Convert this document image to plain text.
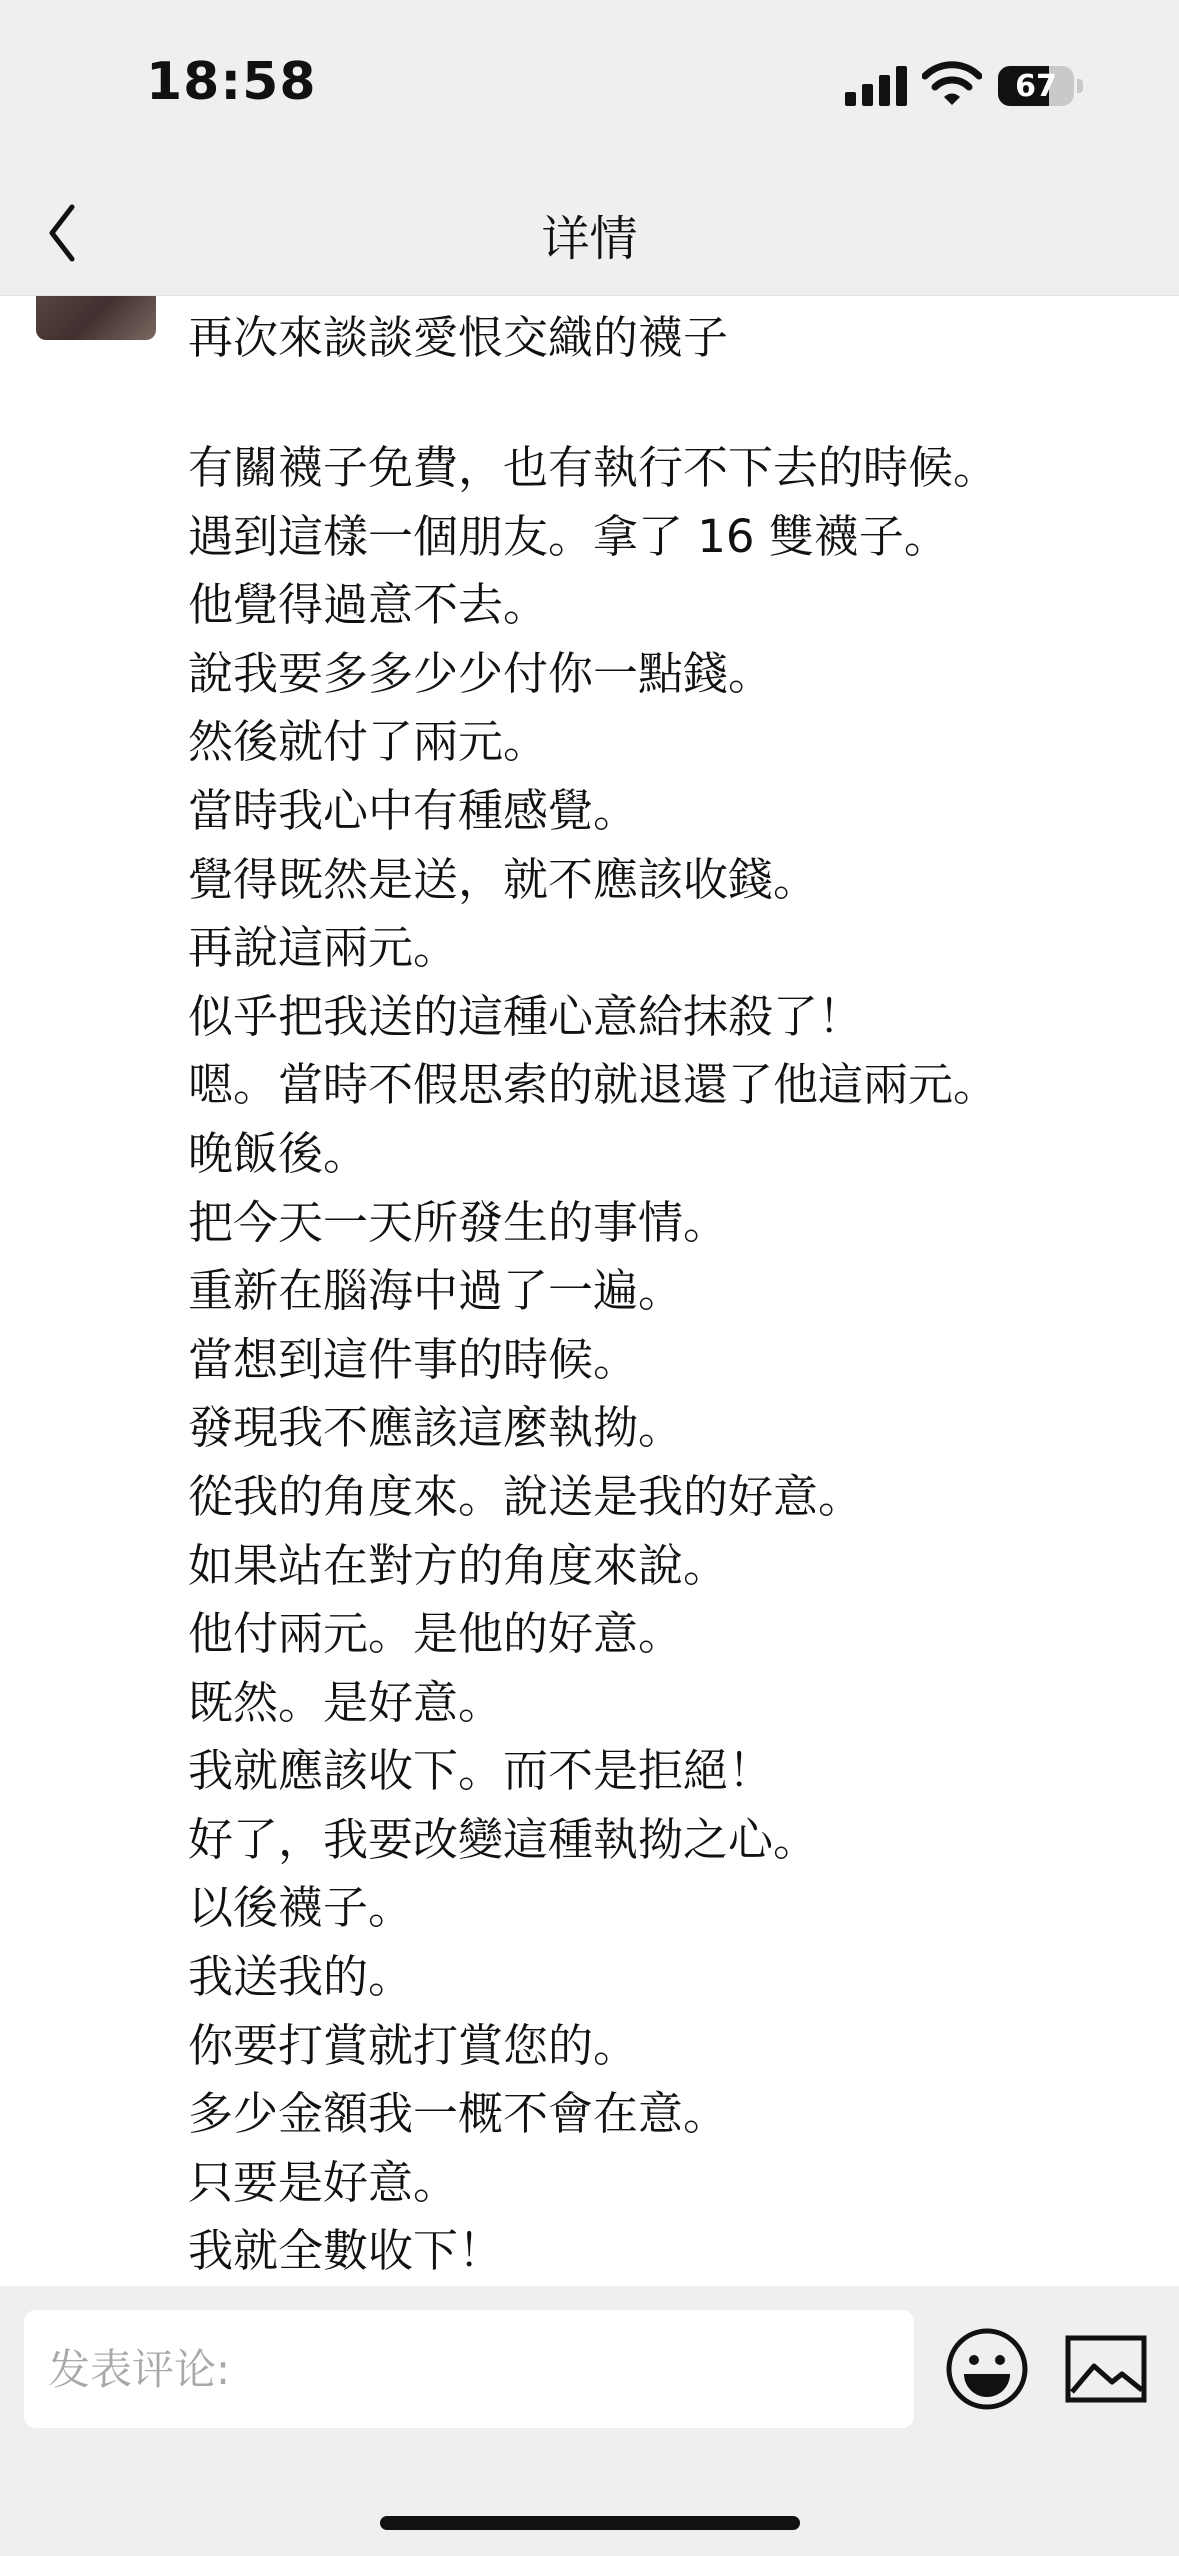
18:58	67
详情
再次來談談愛恨交織的襪子
有關襪子免費，也有執行不下去的時候。
遇到這樣一個朋友。拿了 16 雙襪子。
他覺得過意不去。
說我要多多少少付你一點錢。
然後就付了兩元。
當時我心中有種感覺。
覺得既然是送，就不應該收錢。
再說這兩元。
似乎把我送的這種心意給抹殺了！
嗯。當時不假思索的就退還了他這兩元。
晚飯後。
把今天一天所發生的事情。
重新在腦海中過了一遍。
當想到這件事的時候。
發現我不應該這麼執拗。
從我的角度來。說送是我的好意。
如果站在對方的角度來說。
他付兩元。是他的好意。
既然。是好意。
我就應該收下。而不是拒絕！
好了，我要改變這種執拗之心。
以後襪子。
我送我的。
你要打賞就打賞您的。
多少金額我一概不會在意。
只要是好意。
我就全數收下！
发表评论:
